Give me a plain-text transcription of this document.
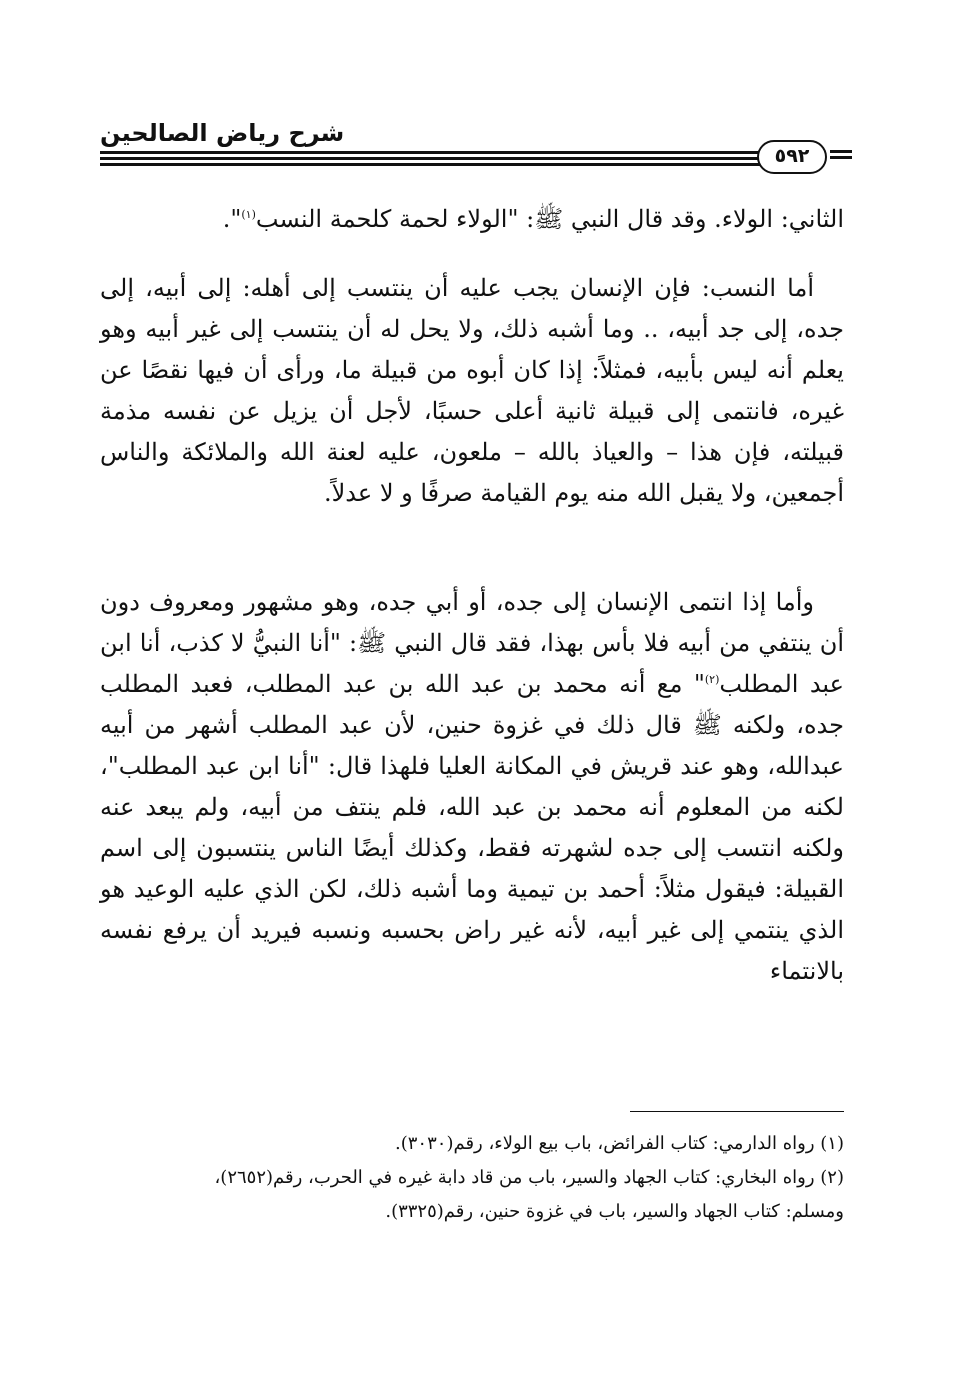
شرح رياض الصالحين
٥٩٢

الثاني: الولاء. وقد قال النبي ﷺ: "الولاء لحمة كلحمة النسب$^{(١)}$".

أما النسب: فإن الإنسان يجب عليه أن ينتسب إلى أهله: إلى أبيه، إلى جده، إلى جد أبيه، .. وما أشبه ذلك، ولا يحل له أن ينتسب إلى غير أبيه وهو يعلم أنه ليس بأبيه، فمثلاً: إذا كان أبوه من قبيلة ما، ورأى أن فيها نقصًا عن غيره، فانتمى إلى قبيلة ثانية أعلى حسبًا، لأجل أن يزيل عن نفسه مذمة قبيلته، فإن هذا – والعياذ بالله – ملعون، عليه لعنة الله والملائكة والناس أجمعين، ولا يقبل الله منه يوم القيامة صرفًا و لا عدلاً.

وأما إذا انتمى الإنسان إلى جده، أو أبي جده، وهو مشهور ومعروف دون أن ينتفي من أبيه فلا بأس بهذا، فقد قال النبي ﷺ: "أنا النبيُّ لا كذب، أنا ابن عبد المطلب$^{(٢)}$" مع أنه محمد بن عبد الله بن عبد المطلب، فعبد المطلب جده، ولكنه ﷺ قال ذلك في غزوة حنين، لأن عبد المطلب أشهر من أبيه عبدالله، وهو عند قريش في المكانة العليا فلهذا قال: "أنا ابن عبد المطلب"، لكنه من المعلوم أنه محمد بن عبد الله، فلم ينتف من أبيه، ولم يبعد عنه ولكنه انتسب إلى جده لشهرته فقط، وكذلك أيضًا الناس ينتسبون إلى اسم القبيلة: فيقول مثلاً: أحمد بن تيمية وما أشبه ذلك، لكن الذي عليه الوعيد هو الذي ينتمي إلى غير أبيه، لأنه غير راض بحسبه ونسبه فيريد أن يرفع نفسه بالانتماء

(١) رواه الدارمي: كتاب الفرائض، باب بيع الولاء، رقم(٣٠٣٠).

(٢) رواه البخاري: كتاب الجهاد والسير، باب من قاد دابة غيره في الحرب، رقم(٢٦٥٢)،

ومسلم: كتاب الجهاد والسير، باب في غزوة حنين، رقم(٣٣٢٥).
